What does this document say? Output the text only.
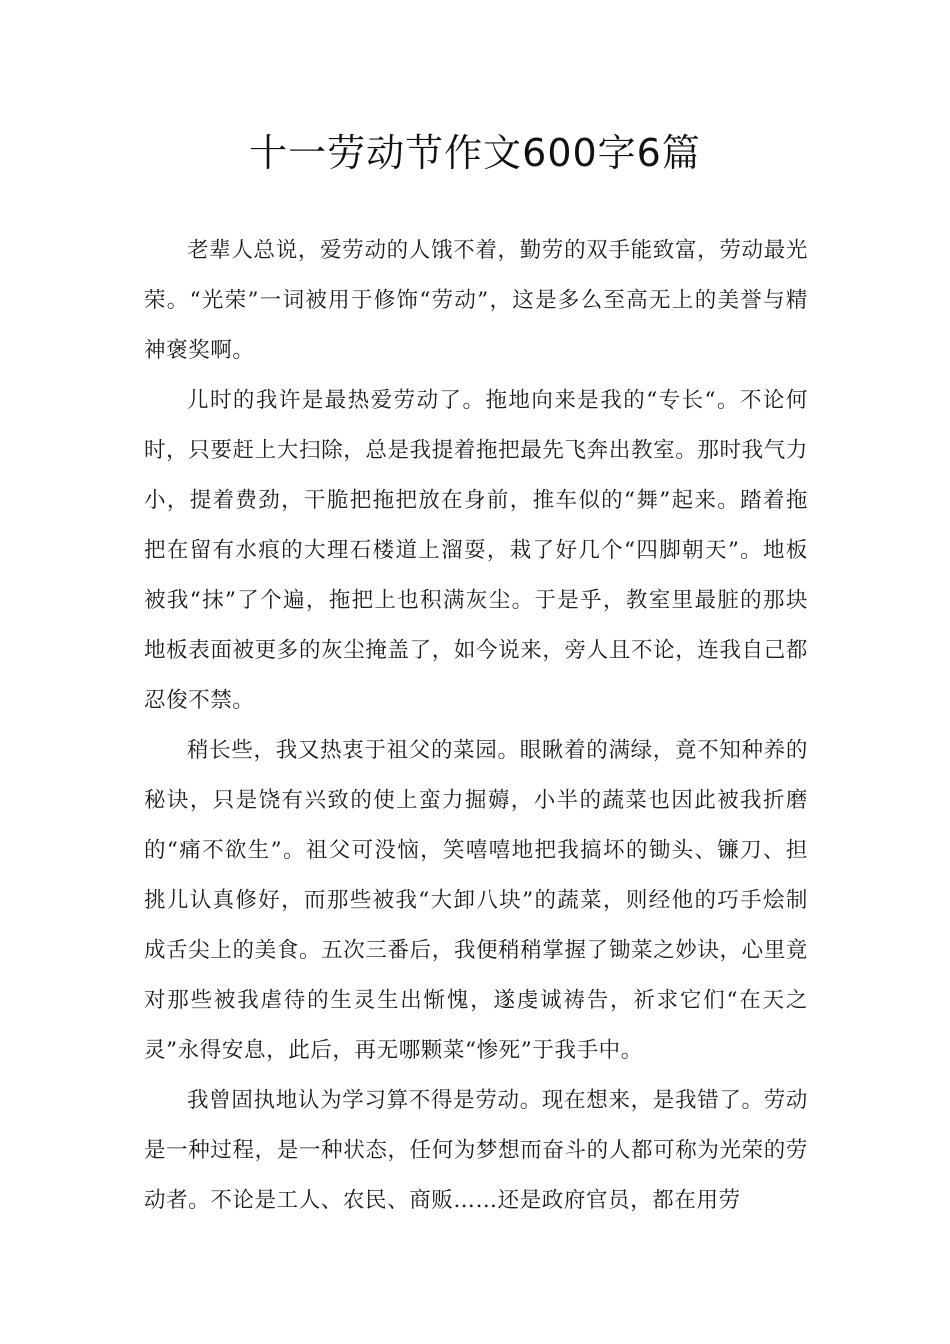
十一劳动节作文600字6篇

老辈人总说，爱劳动的人饿不着，勤劳的双手能致富，劳动最光荣。“光荣”一词被用于修饰“劳动”，这是多么至高无上的美誉与精神褒奖啊。

儿时的我许是最热爱劳动了。拖地向来是我的“专长“。不论何时，只要赶上大扫除，总是我提着拖把最先飞奔出教室。那时我气力小，提着费劲，干脆把拖把放在身前，推车似的“舞”起来。踏着拖把在留有水痕的大理石楼道上溜耍，栽了好几个“四脚朝天”。地板被我“抹”了个遍，拖把上也积满灰尘。于是乎，教室里最脏的那块地板表面被更多的灰尘掩盖了，如今说来，旁人且不论，连我自己都忍俊不禁。

稍长些，我又热衷于祖父的菜园。眼瞅着的满绿，竟不知种养的秘诀，只是饶有兴致的使上蛮力掘薅，小半的蔬菜也因此被我折磨的“痛不欲生”。祖父可没恼，笑嘻嘻地把我搞坏的锄头、镰刀、担挑儿认真修好，而那些被我“大卸八块”的蔬菜，则经他的巧手烩制成舌尖上的美食。五次三番后，我便稍稍掌握了锄菜之妙诀，心里竟对那些被我虐待的生灵生出惭愧，遂虔诚祷告，祈求它们“在天之灵”永得安息，此后，再无哪颗菜“惨死”于我手中。

我曾固执地认为学习算不得是劳动。现在想来，是我错了。劳动是一种过程，是一种状态，任何为梦想而奋斗的人都可称为光荣的劳动者。不论是工人、农民、商贩……还是政府官员，都在用劳
